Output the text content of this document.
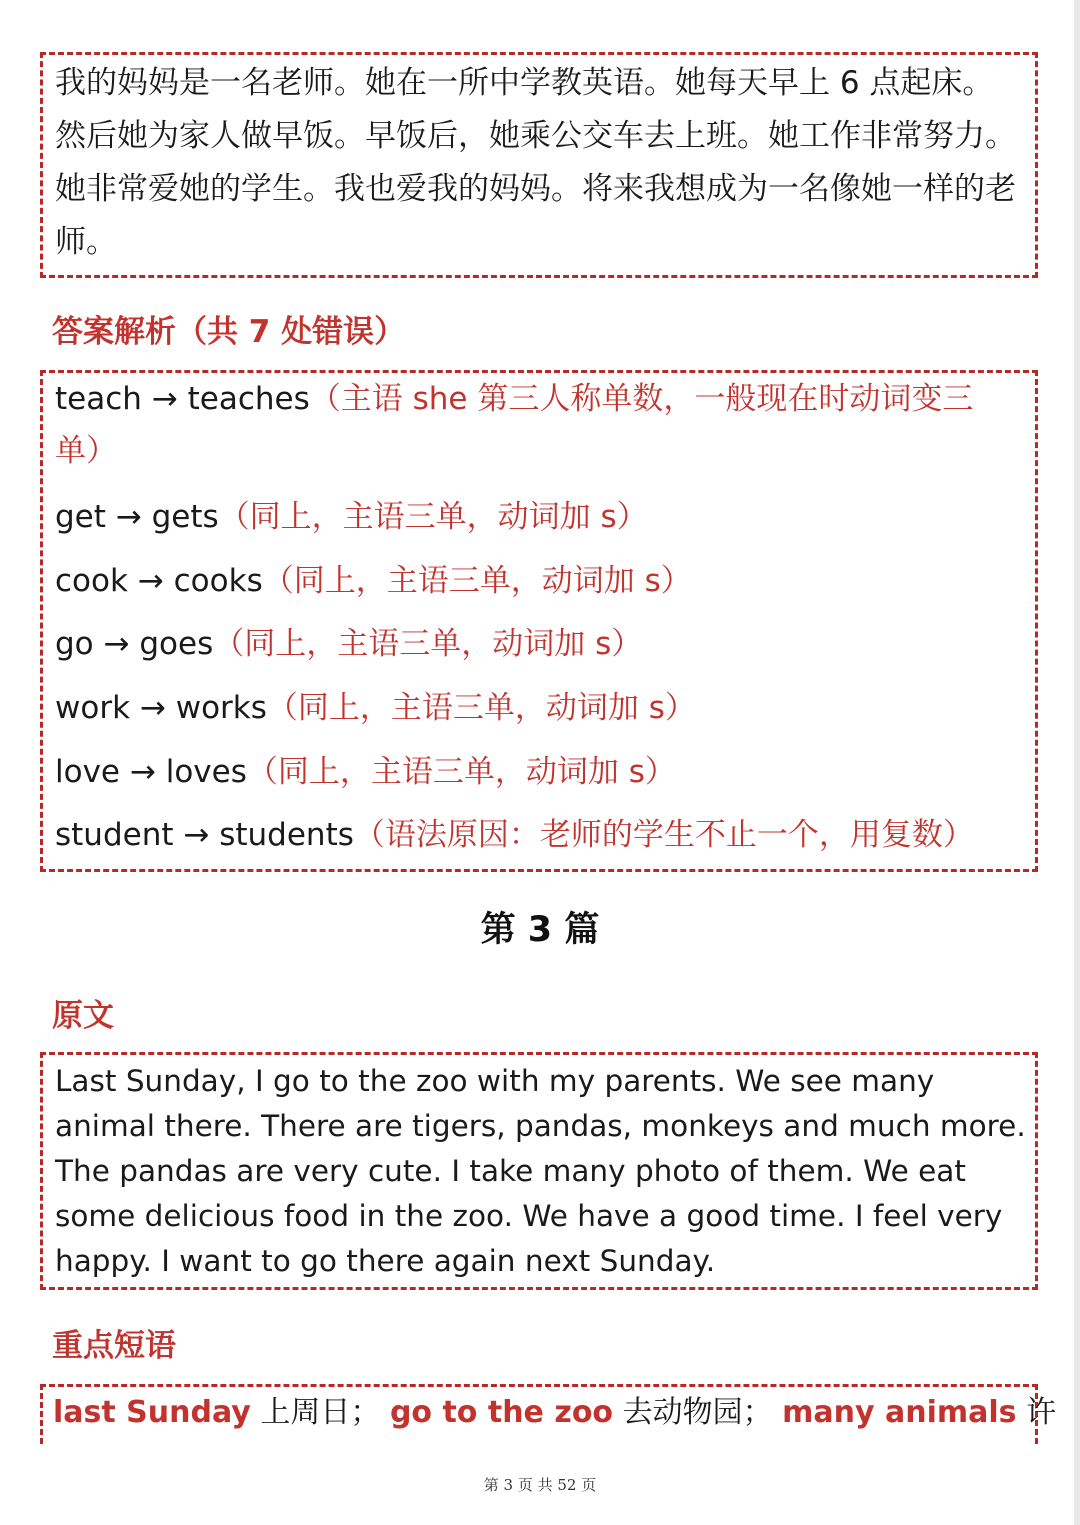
我的妈妈是一名老师。她在一所中学教英语。她每天早上 6 点起床。然后她为家人做早饭。早饭后，她乘公交车去上班。她工作非常努力。她非常爱她的学生。我也爱我的妈妈。将来我想成为一名像她一样的老师。

答案解析（共 7 处错误）
teach → teaches（主语 she 第三人称单数，一般现在时动词变三
单）
get → gets（同上，主语三单，动词加 s）
cook → cooks（同上，主语三单，动词加 s）
go → goes（同上，主语三单，动词加 s）
work → works（同上，主语三单，动词加 s）
love → loves（同上，主语三单，动词加 s）
student → students（语法原因：老师的学生不止一个，用复数）
第 3 篇
原文

Last Sunday, I go to the zoo with my parents. We see many animal there. There are tigers, pandas, monkeys and much more. The pandas are very cute. I take many photo of them. We eat some delicious food in the zoo. We have a good time. I feel very happy. I want to go there again next Sunday.

重点短语
last Sunday 上周日； go to the zoo 去动物园； many animals 许
第 3 页 共 52 页
